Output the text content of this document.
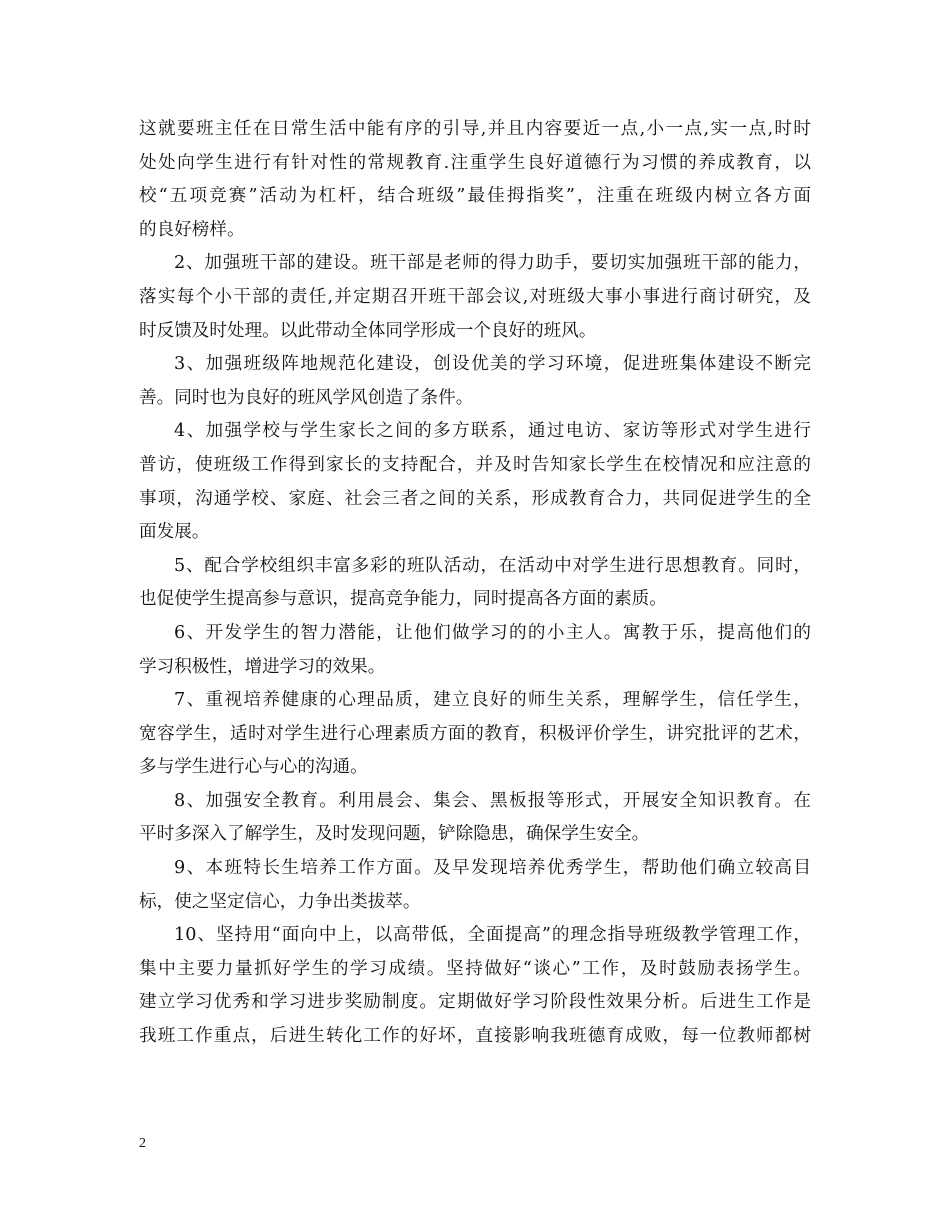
这就要班主任在日常生活中能有序的引导,并且内容要近一点,小一点,实一点,时时
处处向学生进行有针对性的常规教育.注重学生良好道德行为习惯的养成教育，以
校“五项竞赛”活动为杠杆，结合班级”最佳拇指奖”，注重在班级内树立各方面
的良好榜样。
2、加强班干部的建设。班干部是老师的得力助手，要切实加强班干部的能力，
落实每个小干部的责任,并定期召开班干部会议,对班级大事小事进行商讨研究，及
时反馈及时处理。以此带动全体同学形成一个良好的班风。
3、加强班级阵地规范化建设，创设优美的学习环境，促进班集体建设不断完
善。同时也为良好的班风学风创造了条件。
4、加强学校与学生家长之间的多方联系，通过电访、家访等形式对学生进行
普访，使班级工作得到家长的支持配合，并及时告知家长学生在校情况和应注意的
事项，沟通学校、家庭、社会三者之间的关系，形成教育合力，共同促进学生的全
面发展。
5、配合学校组织丰富多彩的班队活动，在活动中对学生进行思想教育。同时，
也促使学生提高参与意识，提高竞争能力，同时提高各方面的素质。
6、开发学生的智力潜能，让他们做学习的的小主人。寓教于乐，提高他们的
学习积极性，增进学习的效果。
7、重视培养健康的心理品质，建立良好的师生关系，理解学生，信任学生，
宽容学生，适时对学生进行心理素质方面的教育，积极评价学生，讲究批评的艺术，
多与学生进行心与心的沟通。
8、加强安全教育。利用晨会、集会、黑板报等形式，开展安全知识教育。在
平时多深入了解学生，及时发现问题，铲除隐患，确保学生安全。
9、本班特长生培养工作方面。及早发现培养优秀学生，帮助他们确立较高目
标，使之坚定信心，力争出类拔萃。
10、坚持用“面向中上，以高带低，全面提高”的理念指导班级教学管理工作，
集中主要力量抓好学生的学习成绩。坚持做好“谈心”工作，及时鼓励表扬学生。
建立学习优秀和学习进步奖励制度。定期做好学习阶段性效果分析。后进生工作是
我班工作重点，后进生转化工作的好坏，直接影响我班德育成败，每一位教师都树
2
